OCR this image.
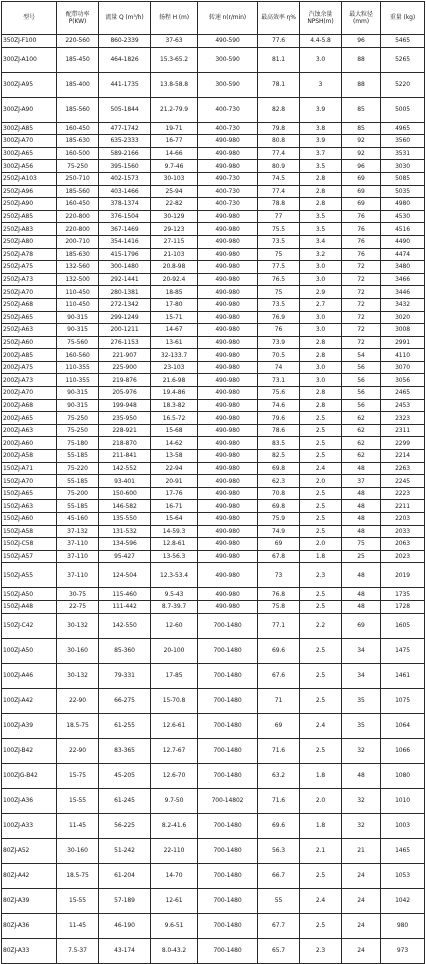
型号	配带功率 P(KW)	流量 Q (m³/h)	扬程 H (m)	转速 n(r/min)	最高效率 η%	汽蚀余量 NPSH(m)	最大粒径(mm)	重量 (kg)
350ZJ-F100	220-560	860-2339	37-63	490-590	77.6	4.4-5.8	96	5465
300ZJ-A100	185-450	464-1826	15.3-65.2	300-590	81.1	3.0	88	5265
300ZJ-A95	185-400	441-1735	13.8-58.8	300-590	78.1	3	88	5220
300ZJ-A90	185-560	505-1844	21.2-79.9	400-730	82.8	3.9	85	5005
300ZJ-A85	160-450	477-1742	19-71	400-730	79.8	3.8	85	4965
300ZJ-A70	185-630	635-2333	16-77	490-980	80.8	3.9	92	3560
300ZJ-A65	160-500	589-2166	14-66	490-980	77.4	3.7	92	3531
300ZJ-A56	75-250	395-1560	9.7-46	490-980	80.9	3.5	96	3030
250ZJ-A103	250-710	402-1573	30-103	490-730	74.5	2.8	69	5085
250ZJ-A96	185-560	403-1466	25-94	400-730	77.4	2.8	69	5035
250ZJ-A90	160-450	378-1374	22-82	400-730	78.8	2.8	69	4980
250ZJ-A85	220-800	376-1504	30-129	490-980	77	3.5	76	4530
250ZJ-A83	220-800	367-1469	29-123	490-980	75.5	3.5	76	4516
250ZJ-A80	200-710	354-1416	27-115	490-980	73.5	3.4	76	4490
250ZJ-A78	185-630	415-1796	21-103	490-980	75	3.2	76	4474
250ZJ-A75	132-560	300-1480	20.8-98	490-980	77.5	3.0	72	3480
250ZJ-A73	132-500	292-1441	20-92.4	490-980	76.5	3.0	72	3466
250ZJ-A70	110-450	280-1381	18-85	490-980	75	2.9	72	3446
250ZJ-A68	110-450	272-1342	17-80	490-980	73.5	2.7	72	3432
250ZJ-A65	90-315	299-1249	15-71	490-980	76.9	3.0	72	3020
250ZJ-A63	90-315	200-1211	14-67	490-980	76	3.0	72	3008
250ZJ-A60	75-560	276-1153	13-61	490-980	73.9	2.8	72	2991
200ZJ-A85	160-560	221-907	32-133.7	490-980	70.5	2.8	54	4110
200ZJ-A75	110-355	225-900	23-103	490-980	74	3.0	56	3070
200ZJ-A73	110-355	219-876	21.6-98	490-980	73.1	3.0	56	3056
200ZJ-A70	90-315	205-976	19.4-86	490-980	75.6	2.8	56	2465
200ZJ-A68	90-315	199-948	18.3-82	490-980	74.6	2.8	56	2453
200ZJ-A65	75-250	235-950	16.5-72	490-980	79.6	2.5	62	2323
200ZJ-A63	75-250	228-921	15-68	490-980	78.6	2.5	62	2311
200ZJ-A60	75-180	218-870	14-62	490-980	83.5	2.5	62	2299
200ZJ-A58	55-185	211-841	13-58	490-980	82.5	2.5	62	2214
150ZJ-A71	75-220	142-552	22-94	490-980	69.8	2.4	48	2263
150ZJ-A70	55-185	93-401	20-91	490-980	62.3	2.0	37	2245
150ZJ-A65	75-200	150-600	17-76	490-980	70.8	2.5	48	2223
150ZJ-A63	55-185	146-582	16-71	490-980	69.8	2.5	48	2211
150ZJ-A60	45-160	135-550	15-64	490-980	75.9	2.5	48	2203
150ZJ-A58	37-132	131-532	14-59.3	490-980	74.9	2.5	48	2033
150ZJ-C58	37-110	134-596	12.8-61	490-980	69	2.0	75	2063
150ZJ-A57	37-110	95-427	13-56.3	490-980	67.8	1.8	25	2023
150ZJ-A55	37-110	124-504	12.3-53.4	490-980	73	2.3	48	2019
150ZJ-A50	30-75	115-460	9.5-43	490-980	76.8	2.5	48	1735
150ZJ-A48	22-75	111-442	8.7-39.7	490-980	75.8	2.5	48	1728
150ZJ-C42	30-132	142-550	12-60	700-1480	77.1	2.2	69	1605
100ZJ-A50	30-160	85-360	20-100	700-1480	69.6	2.5	34	1475
100ZJ-A46	30-132	79-331	17-85	700-1480	67.6	2.5	34	1461
100ZJ-A42	22-90	66-275	15-70.8	700-1480	71	2.5	35	1075
100ZJ-A39	18.5-75	61-255	12.6-61	700-1480	69	2.4	35	1064
100ZJ-B42	22-90	83-365	12.7-67	700-1480	71.6	2.5	32	1066
100ZJG-B42	15-75	45-205	12.6-70	700-1480	63.2	1.8	48	1080
100ZJ-A36	15-55	61-245	9.7-50	700-14802	71.6	2.0	32	1010
100ZJ-A33	11-45	56-225	8.2-41.6	700-1480	69.6	1.8	32	1003
80ZJ-A52	30-160	51-242	22-110	700-1480	56.3	2.1	21	1465
80ZJ-A42	18.5-75	61-204	14-70	700-1480	66.7	2.5	24	1053
80ZJ-A39	15-55	57-189	12-61	700-1480	55	2.4	24	1042
80ZJ-A36	11-45	46-190	9.6-51	700-1480	67.7	2.5	24	980
80ZJ-A33	7.5-37	43-174	8.0-43.2	700-1480	65.7	2.3	24	973
